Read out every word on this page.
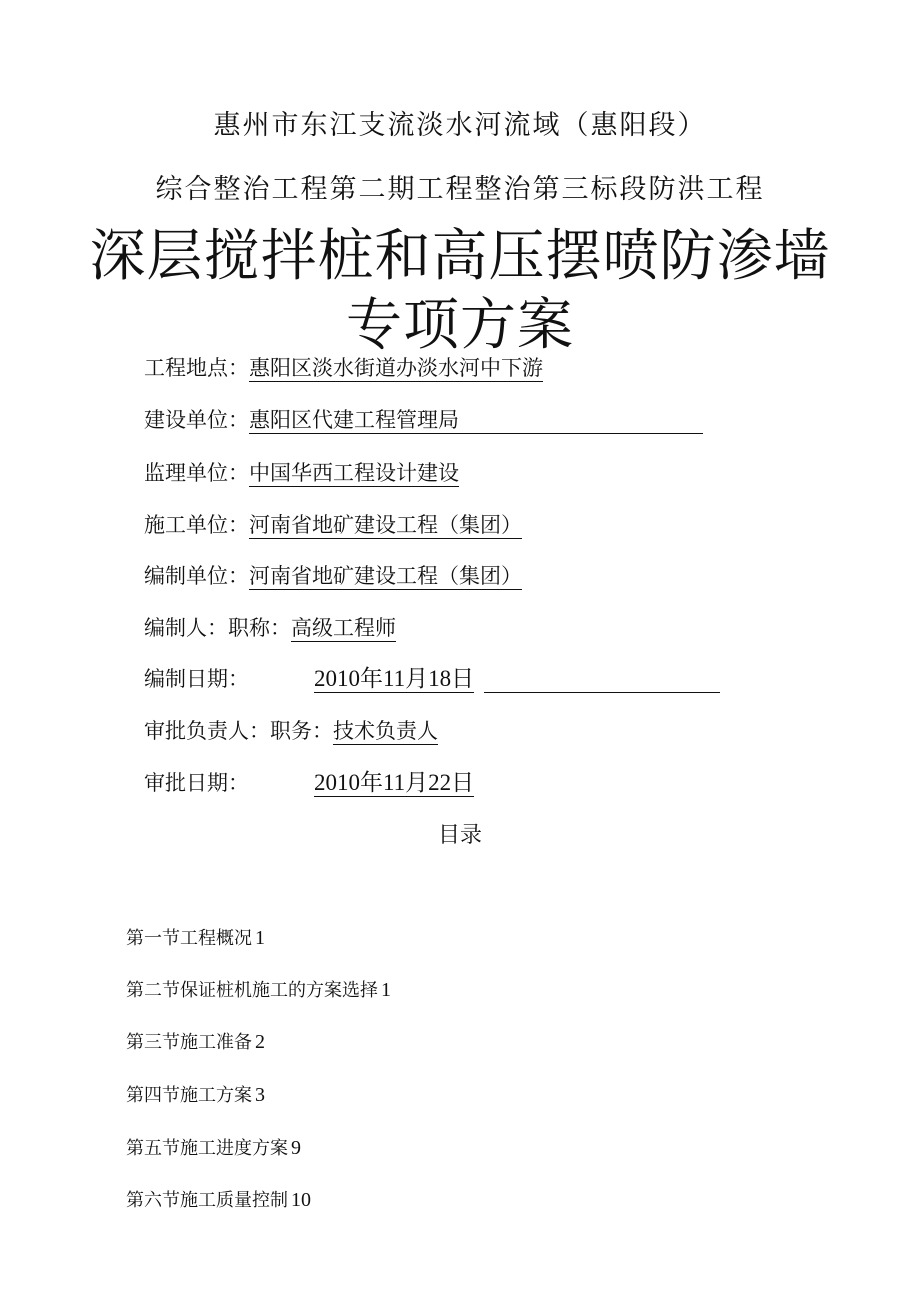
惠州市东江支流淡水河流域（惠阳段）
综合整治工程第二期工程整治第三标段防洪工程
深层搅拌桩和高压摆喷防渗墙
专项方案
工程地点：惠阳区淡水街道办淡水河中下游
建设单位：惠阳区代建工程管理局
监理单位：中国华西工程设计建设
施工单位：河南省地矿建设工程（集团）
编制单位：河南省地矿建设工程（集团）
编制人：职称：高级工程师
编制日期：	2010年11月18日
审批负责人：职务：技术负责人
审批日期：	2010年11月22日
目录
第一节工程概况 1
第二节保证桩机施工的方案选择 1
第三节施工准备 2
第四节施工方案 3
第五节施工进度方案 9
第六节施工质量控制 10
